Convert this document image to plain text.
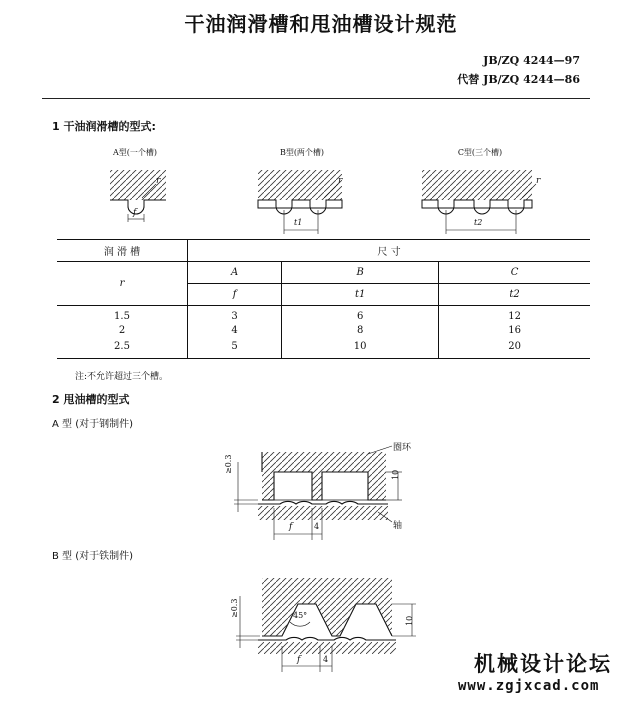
干油润滑槽和甩油槽设计规范
JB/ZQ 4244—97
代替 JB/ZQ 4244—86
1 干油润滑槽的型式:
A型(一个槽)	B型(两个槽)	C型(三个槽)
r
f
r
t1
r
t2
润 滑 槽	尺 寸		
r	A	B	C
	f	t1	t2
1.5	3	6	12
2	4	8	16
2.5	5	10	20
注:不允许超过三个槽。
2 甩油槽的型式
A 型 (对于钢制件)
圈环
轴
≥0.3
10
f	4
B 型 (对于铁制件)
≥0.3	45°
10
f	4	机械设计论坛
www.zgjxcad.com
